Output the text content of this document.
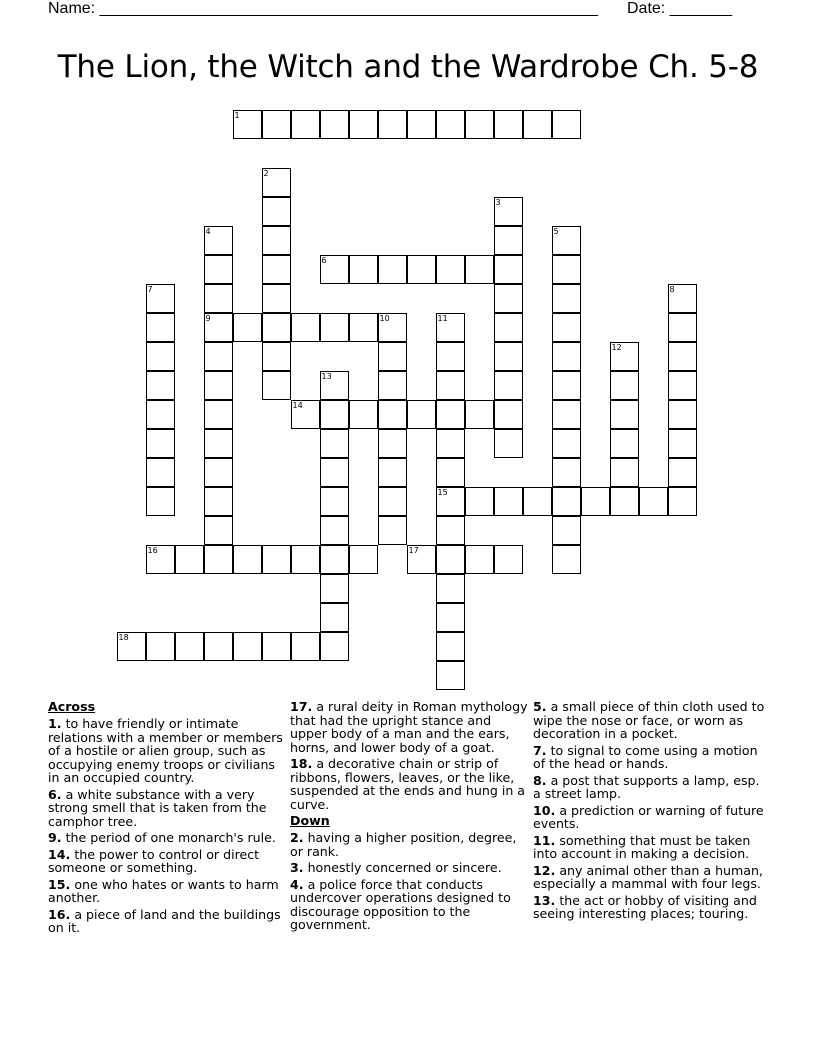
Name: ________________________________________________________ Date: _______
The Lion, the Witch and the Wardrobe Ch. 5-8
1
2
3
4
9
5
6
7	8
10	11
15
12
13
14
16	17
18
Across
1. to have friendly or intimate relations with a member or members of a hostile or alien group, such as occupying enemy troops or civilians in an occupied country.
6. a white substance with a very strong smell that is taken from the camphor tree.
9. the period of one monarch's rule.
14. the power to control or direct someone or something.
15. one who hates or wants to harm another.
16. a piece of land and the buildings on it.
17. a rural deity in Roman mythology that had the upright stance and upper body of a man and the ears, horns, and lower body of a goat.
18. a decorative chain or strip of ribbons, flowers, leaves, or the like, suspended at the ends and hung in a curve.
Down
2. having a higher position, degree, or rank.
3. honestly concerned or sincere.
4. a police force that conducts undercover operations designed to discourage opposition to the government.
5. a small piece of thin cloth used to wipe the nose or face, or worn as decoration in a pocket.
7. to signal to come using a motion of the head or hands.
8. a post that supports a lamp, esp. a street lamp.
10. a prediction or warning of future events.
11. something that must be taken into account in making a decision.
12. any animal other than a human, especially a mammal with four legs.
13. the act or hobby of visiting and seeing interesting places; touring.
